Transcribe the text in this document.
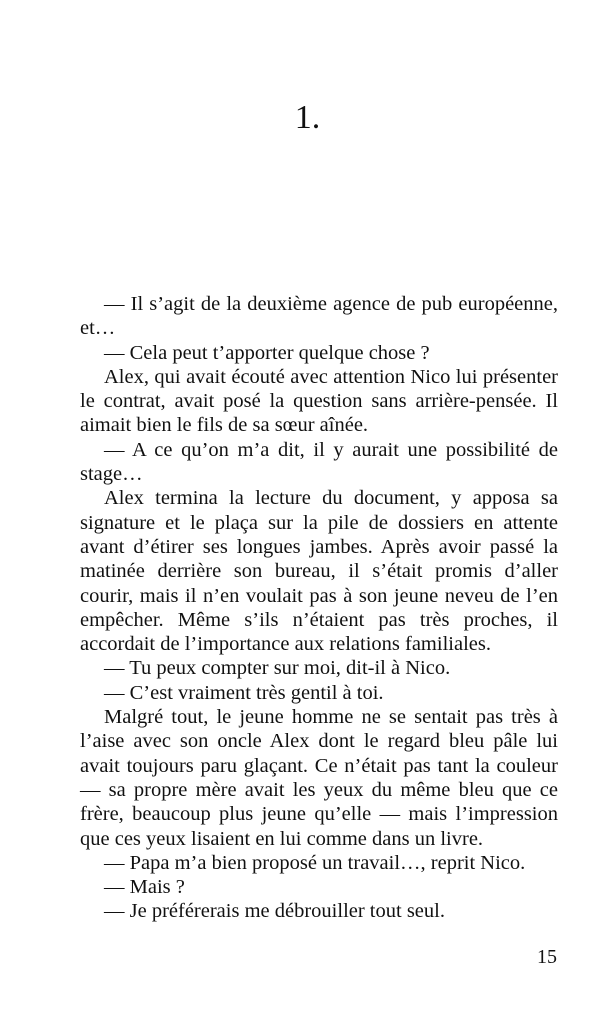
1.

— Il s’agit de la deuxième agence de pub européenne, et…

— Cela peut t’apporter quelque chose ?

Alex, qui avait écouté avec attention Nico lui présenter le contrat, avait posé la question sans arrière-pensée. Il aimait bien le fils de sa sœur aînée.

— A ce qu’on m’a dit, il y aurait une possibilité de stage…

Alex termina la lecture du document, y apposa sa signature et le plaça sur la pile de dossiers en attente avant d’étirer ses longues jambes. Après avoir passé la matinée derrière son bureau, il s’était promis d’aller courir, mais il n’en voulait pas à son jeune neveu de l’en empêcher. Même s’ils n’étaient pas très proches, il accordait de l’importance aux relations familiales.

— Tu peux compter sur moi, dit-il à Nico.

— C’est vraiment très gentil à toi.

Malgré tout, le jeune homme ne se sentait pas très à l’aise avec son oncle Alex dont le regard bleu pâle lui avait toujours paru glaçant. Ce n’était pas tant la couleur — sa propre mère avait les yeux du même bleu que ce frère, beaucoup plus jeune qu’elle — mais l’impression que ces yeux lisaient en lui comme dans un livre.

— Papa m’a bien proposé un travail…, reprit Nico.

— Mais ?

— Je préférerais me débrouiller tout seul.

15
